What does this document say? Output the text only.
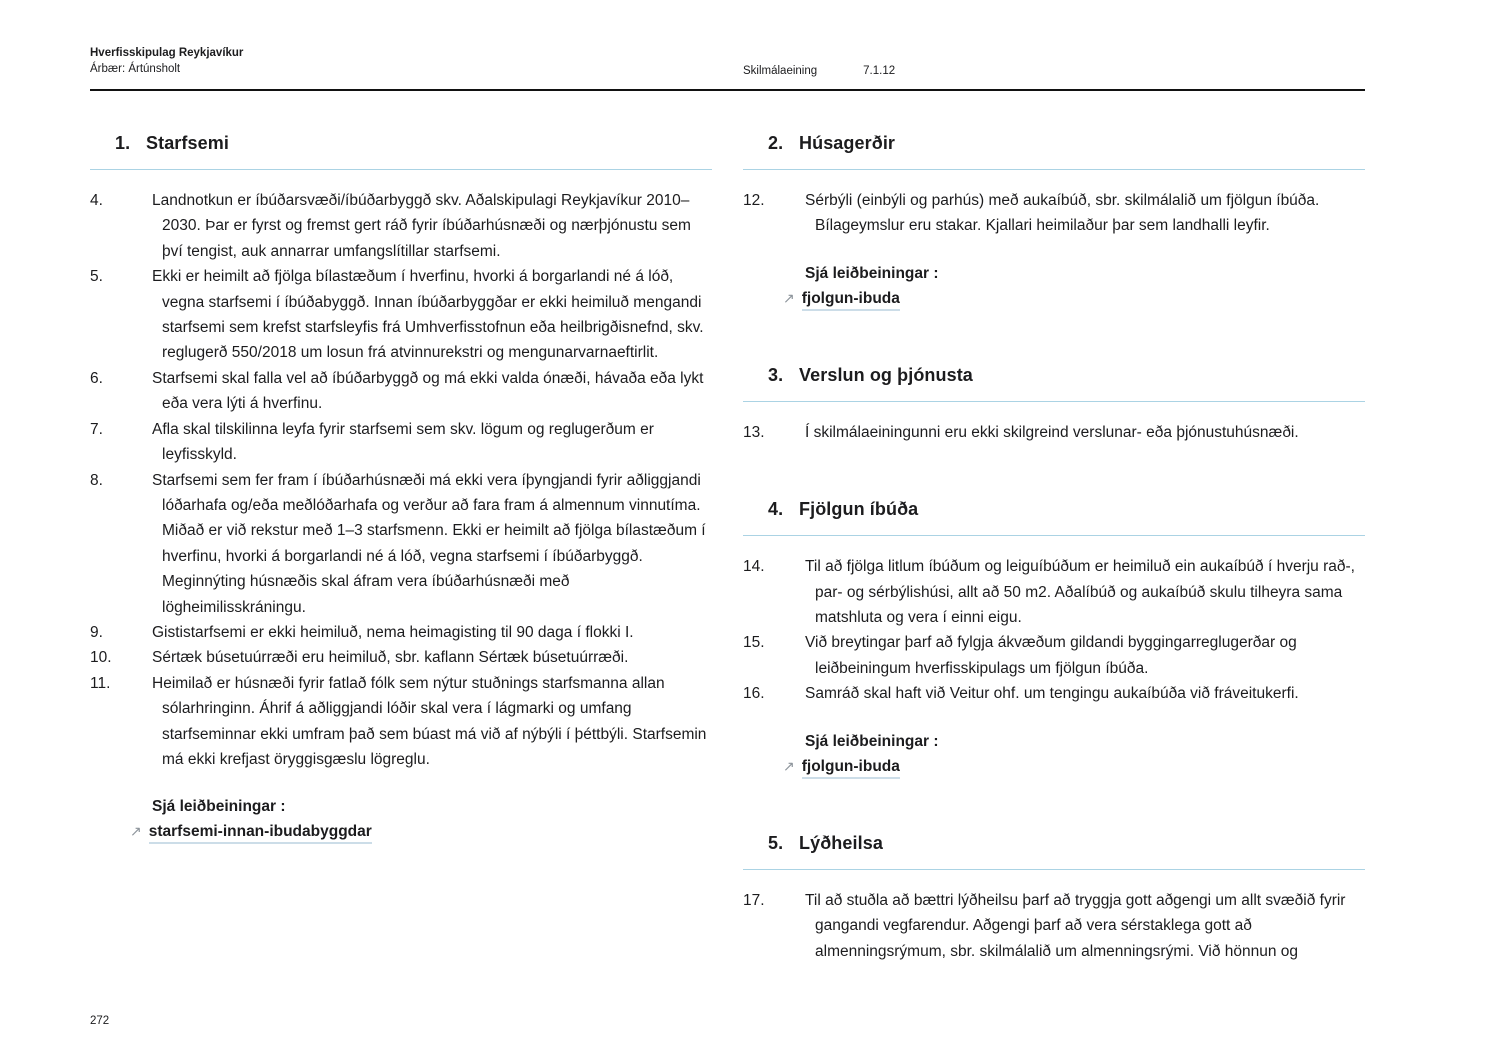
Hverfisskipulag Reykjavíkur
Árbær: Ártúnsholt	Skilmálaeining	7.1.12
1. Starfsemi
4.	Landnotkun er íbúðarsvæði/íbúðarbyggð skv. Aðalskipulagi Reykjavíkur 2010–2030. Þar er fyrst og fremst gert ráð fyrir íbúðarhúsnæði og nærþjónustu sem því tengist, auk annarrar umfangslítillar starfsemi.

5.	Ekki er heimilt að fjölga bílastæðum í hverfinu, hvorki á borgarlandi né á lóð, vegna starfsemi í íbúðabyggð. Innan íbúðarbyggðar er ekki heimiluð mengandi starfsemi sem krefst starfsleyfis frá Umhverfisstofnun eða heilbrigðisnefnd, skv. reglugerð 550/2018 um losun frá atvinnurekstri og mengunarvarnaeftirlit.

6.	Starfsemi skal falla vel að íbúðarbyggð og má ekki valda ónæði, hávaða eða lykt eða vera lýti á hverfinu.

7.	Afla skal tilskilinna leyfa fyrir starfsemi sem skv. lögum og reglugerðum er leyfisskyld.

8.	Starfsemi sem fer fram í íbúðarhúsnæði má ekki vera íþyngjandi fyrir aðliggjandi lóðarhafa og/eða meðlóðarhafa og verður að fara fram á almennum vinnutíma. Miðað er við rekstur með 1–3 starfsmenn. Ekki er heimilt að fjölga bílastæðum í hverfinu, hvorki á borgarlandi né á lóð, vegna starfsemi í íbúðarbyggð. Meginnýting húsnæðis skal áfram vera íbúðarhúsnæði með lögheimilisskráningu.

9.	Gististarfsemi er ekki heimiluð, nema heimagisting til 90 daga í flokki I.

10.	Sértæk búsetuúrræði eru heimiluð, sbr. kaflann Sértæk búsetuúrræði.

11.	Heimilað er húsnæði fyrir fatlað fólk sem nýtur stuðnings starfsmanna allan sólarhringinn. Áhrif á aðliggjandi lóðir skal vera í lágmarki og umfang starfseminnar ekki umfram það sem búast má við af nýbýli í þéttbýli. Starfsemin má ekki krefjast öryggisgæslu lögreglu.

Sjá leiðbeiningar :
↗ starfsemi-innan-ibudabyggdar
2. Húsagerðir
12.	Sérbýli (einbýli og parhús) með aukaíbúð, sbr. skilmálalið um fjölgun íbúða. Bílageymslur eru stakar. Kjallari heimilaður þar sem landhalli leyfir.

Sjá leiðbeiningar :
↗ fjolgun-ibuda
3. Verslun og þjónusta
13.	Í skilmálaeiningunni eru ekki skilgreind verslunar- eða þjónustuhúsnæði.

4. Fjölgun íbúða
14.	Til að fjölga litlum íbúðum og leiguíbúðum er heimiluð ein aukaíbúð í hverju rað-, par- og sérbýlishúsi, allt að 50 m2. Aðalíbúð og aukaíbúð skulu tilheyra sama matshluta og vera í einni eigu.

15.	Við breytingar þarf að fylgja ákvæðum gildandi byggingarreglugerðar og leiðbeiningum hverfisskipulags um fjölgun íbúða.

16.	Samráð skal haft við Veitur ohf. um tengingu aukaíbúða við fráveitukerfi.

Sjá leiðbeiningar :
↗ fjolgun-ibuda
5. Lýðheilsa
17.	Til að stuðla að bættri lýðheilsu þarf að tryggja gott aðgengi um allt svæðið fyrir gangandi vegfarendur. Aðgengi þarf að vera sérstaklega gott að almenningsrýmum, sbr. skilmálalið um almenningsrými. Við hönnun og

272
